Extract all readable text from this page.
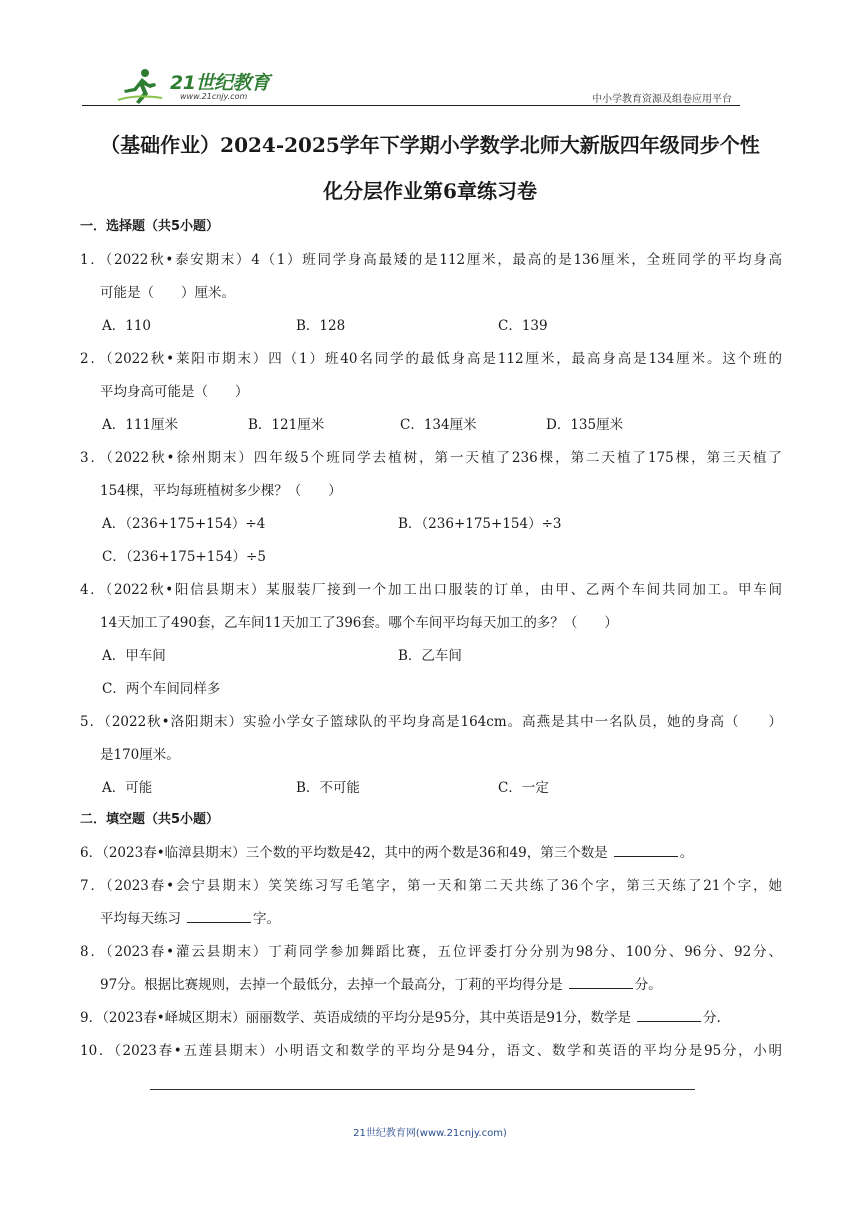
21世纪教育
www.21cnjy.com	中小学教育资源及组卷应用平台
（基础作业）2024-2025学年下学期小学数学北师大新版四年级同步个性
化分层作业第6章练习卷
一．选择题（共5小题）
1．（2022秋•泰安期末）4（1）班同学身高最矮的是112厘米，最高的是136厘米，全班同学的平均身高
可能是（　　）厘米。
A．110	B．128	C．139
2．（2022秋•莱阳市期末）四（1）班40名同学的最低身高是112厘米，最高身高是134厘米。这个班的
平均身高可能是（　　）
A．111厘米	B．121厘米	C．134厘米	D．135厘米
3．（2022秋•徐州期末）四年级5个班同学去植树，第一天植了236棵，第二天植了175棵，第三天植了
154棵，平均每班植树多少棵？（　　）
A．（236+175+154）÷4	B．（236+175+154）÷3
C．（236+175+154）÷5
4．（2022秋•阳信县期末）某服装厂接到一个加工出口服装的订单，由甲、乙两个车间共同加工。甲车间
14天加工了490套，乙车间11天加工了396套。哪个车间平均每天加工的多？（　　）
A．甲车间	B．乙车间
C．两个车间同样多
5．（2022秋•洛阳期末）实验小学女子篮球队的平均身高是164cm。高燕是其中一名队员，她的身高（　　）
是170厘米。
A．可能	B．不可能	C．一定
二．填空题（共5小题）
6．（2023春•临漳县期末）三个数的平均数是42，其中的两个数是36和49，第三个数是	。
7．（2023春•会宁县期末）笑笑练习写毛笔字，第一天和第二天共练了36个字，第三天练了21个字，她
平均每天练习	字。
8．（2023春•灌云县期末）丁莉同学参加舞蹈比赛，五位评委打分分别为98分、100分、96分、92分、
97分。根据比赛规则，去掉一个最低分，去掉一个最高分，丁莉的平均得分是	分。
9．（2023春•峄城区期末）丽丽数学、英语成绩的平均分是95分，其中英语是91分，数学是	分.
10．（2023春•五莲县期末）小明语文和数学的平均分是94分，语文、数学和英语的平均分是95分，小明
21世纪教育网(www.21cnjy.com)
